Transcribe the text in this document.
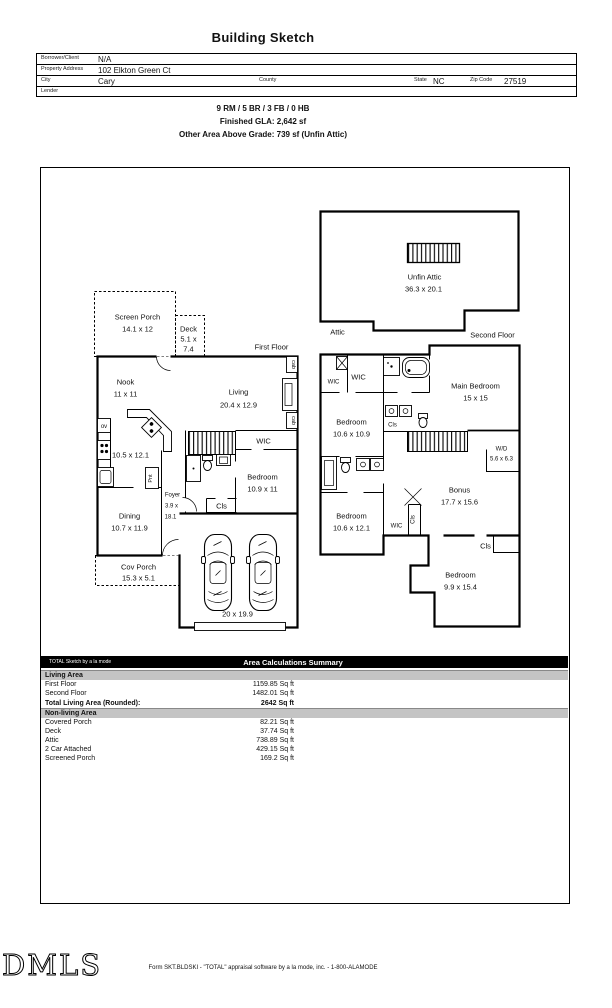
Building Sketch
Borrower/Client N/A
Property Address 102 Elkton Green Ct
City	Cary	County	State NC	Zip Code 27519
Lender
9 RM / 5 BR / 3 FB / 0 HB
Finished GLA: 2,642 sf
Other Area Above Grade: 739 sf (Unfin Attic)
Unfin Attic
36.3 x 20.1
Attic	Second Floor
First Floor
Screen Porch
14.1 x 12	Deck
5.1 x
7.4
Nook
11 x 11	Living
20.4 x 12.9
10.5 x 12.1
WIC
Bedroom
10.9 x 11
Foyer
3.9 x
18.1
Cls
Dining
10.7 x 11.9
Cov Porch
15.3 x 5.1
20 x 19.9
cab
cab
ov
Pnt
WIC
WIC
Main Bedroom
15 x 15
Bedroom
10.6 x 10.9
Cls
W/D
5.6 x 6.3
Bonus
17.7 x 15.6
Bedroom
10.6 x 12.1	WIC
Cls
Cls
Bedroom
9.9 x 15.4
TOTAL Sketch by a la mode	Area Calculations Summary
Living Area
First Floor	1159.85 Sq ft
Second Floor	1482.01 Sq ft
Total Living Area (Rounded):	2642 Sq ft
Non-living Area
Covered Porch	82.21 Sq ft
Deck	37.74 Sq ft
Attic	738.89 Sq ft
2 Car Attached	429.15 Sq ft
Screened Porch	169.2 Sq ft
DMLS	Form SKT.BLDSKI - "TOTAL" appraisal software by a la mode, inc. - 1-800-ALAMODE
